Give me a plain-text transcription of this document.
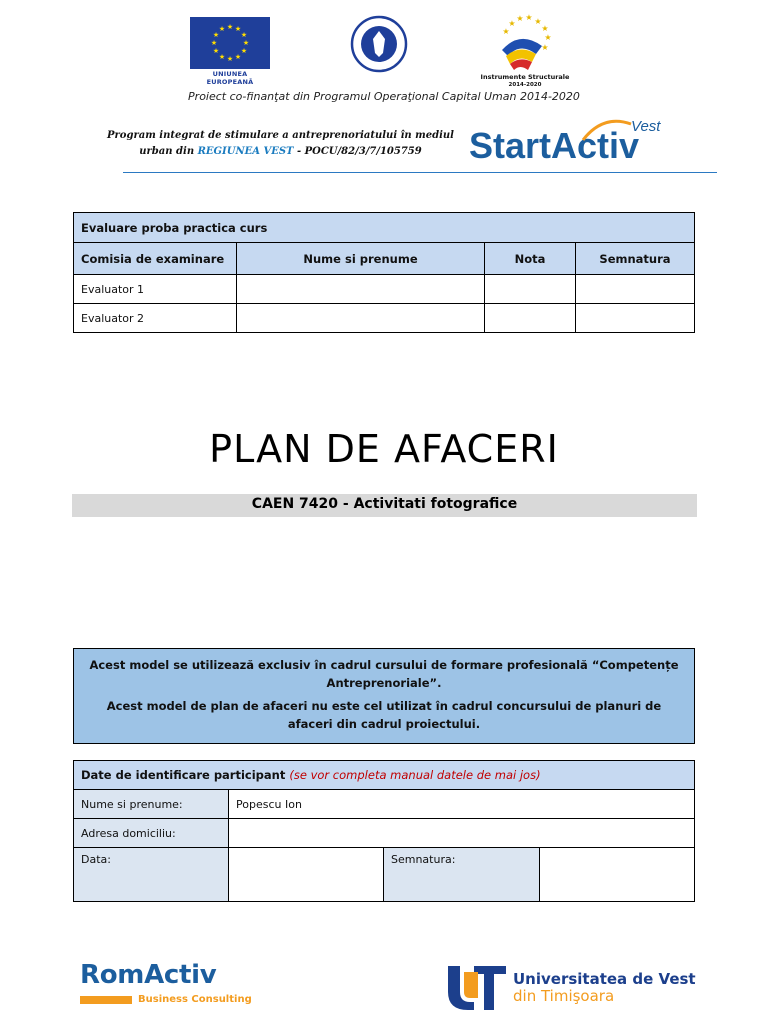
★ ★
★
★
★
★
★
★
★
★
★
★
UNIUNEA EUROPEANĂ
★
★ ★ ★
★
★
★
★
Instrumente Structurale
2014-2020
Proiect co-finanţat din Programul Operaţional Capital Uman 2014-2020
Program integrat de stimulare a antreprenoriatului în mediul urban din REGIUNEA VEST - POCU/82/3/7/105759	StartActiv
Vest
Evaluare proba practica curs			
Comisia de examinare	Nume si prenume	Nota	Semnatura
Evaluator 1			
Evaluator 2			
PLAN DE AFACERI
CAEN 7420 - Activitati fotografice

Acest model se utilizează exclusiv în cadrul cursului de formare profesională “Competențe Antreprenoriale”.

Acest model de plan de afaceri nu este cel utilizat în cadrul concursului de planuri de afaceri din cadrul proiectului.

Date de identificare participant (se vor completa manual datele de mai jos)			
Nume si prenume:	Popescu Ion		
Adresa domiciliu:			
Data:		Semnatura:	
RomActiv
Business Consulting
Universitatea de Vest
din Timişoara
